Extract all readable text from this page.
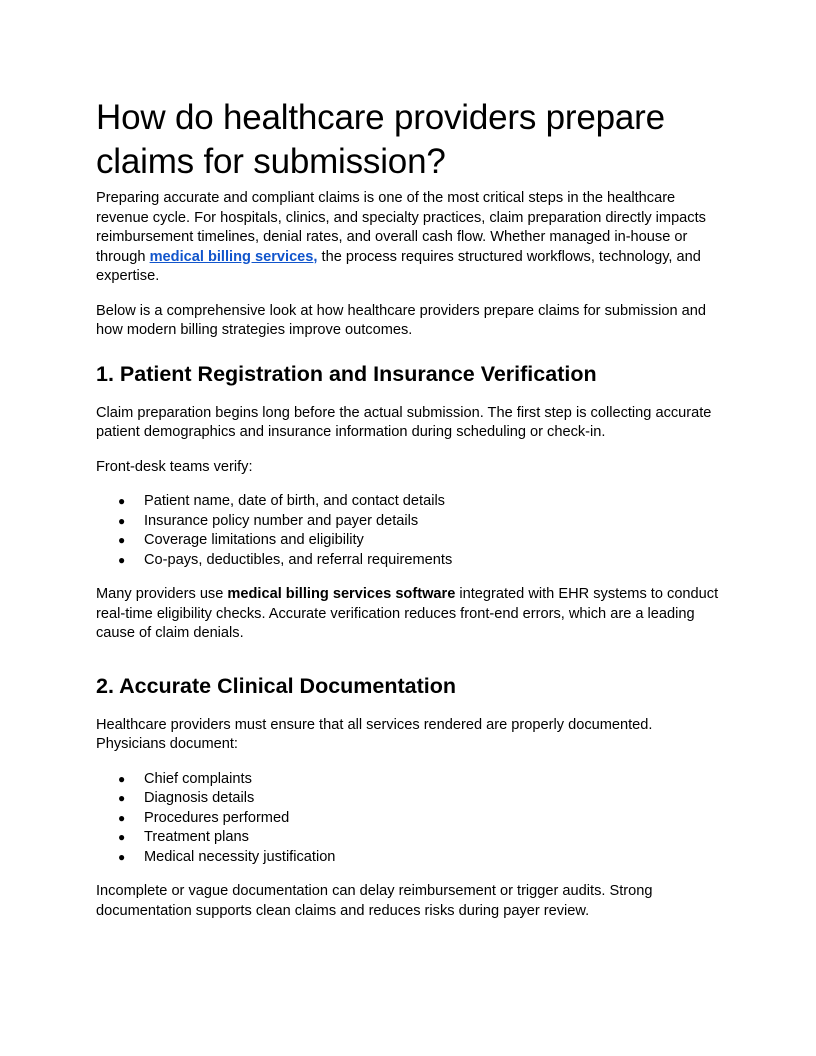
How do healthcare providers prepare claims for submission?

Preparing accurate and compliant claims is one of the most critical steps in the healthcare revenue cycle. For hospitals, clinics, and specialty practices, claim preparation directly impacts reimbursement timelines, denial rates, and overall cash flow. Whether managed in-house or through medical billing services, the process requires structured workflows, technology, and expertise.

Below is a comprehensive look at how healthcare providers prepare claims for submission and how modern billing strategies improve outcomes.

1. Patient Registration and Insurance Verification

Claim preparation begins long before the actual submission. The first step is collecting accurate patient demographics and insurance information during scheduling or check-in.

Front-desk teams verify:

● Patient name, date of birth, and contact details
● Insurance policy number and payer details
● Coverage limitations and eligibility
● Co-pays, deductibles, and referral requirements

Many providers use medical billing services software integrated with EHR systems to conduct real-time eligibility checks. Accurate verification reduces front-end errors, which are a leading cause of claim denials.

2. Accurate Clinical Documentation

Healthcare providers must ensure that all services rendered are properly documented. Physicians document:

● Chief complaints
● Diagnosis details
● Procedures performed
● Treatment plans
● Medical necessity justification

Incomplete or vague documentation can delay reimbursement or trigger audits. Strong documentation supports clean claims and reduces risks during payer review.
